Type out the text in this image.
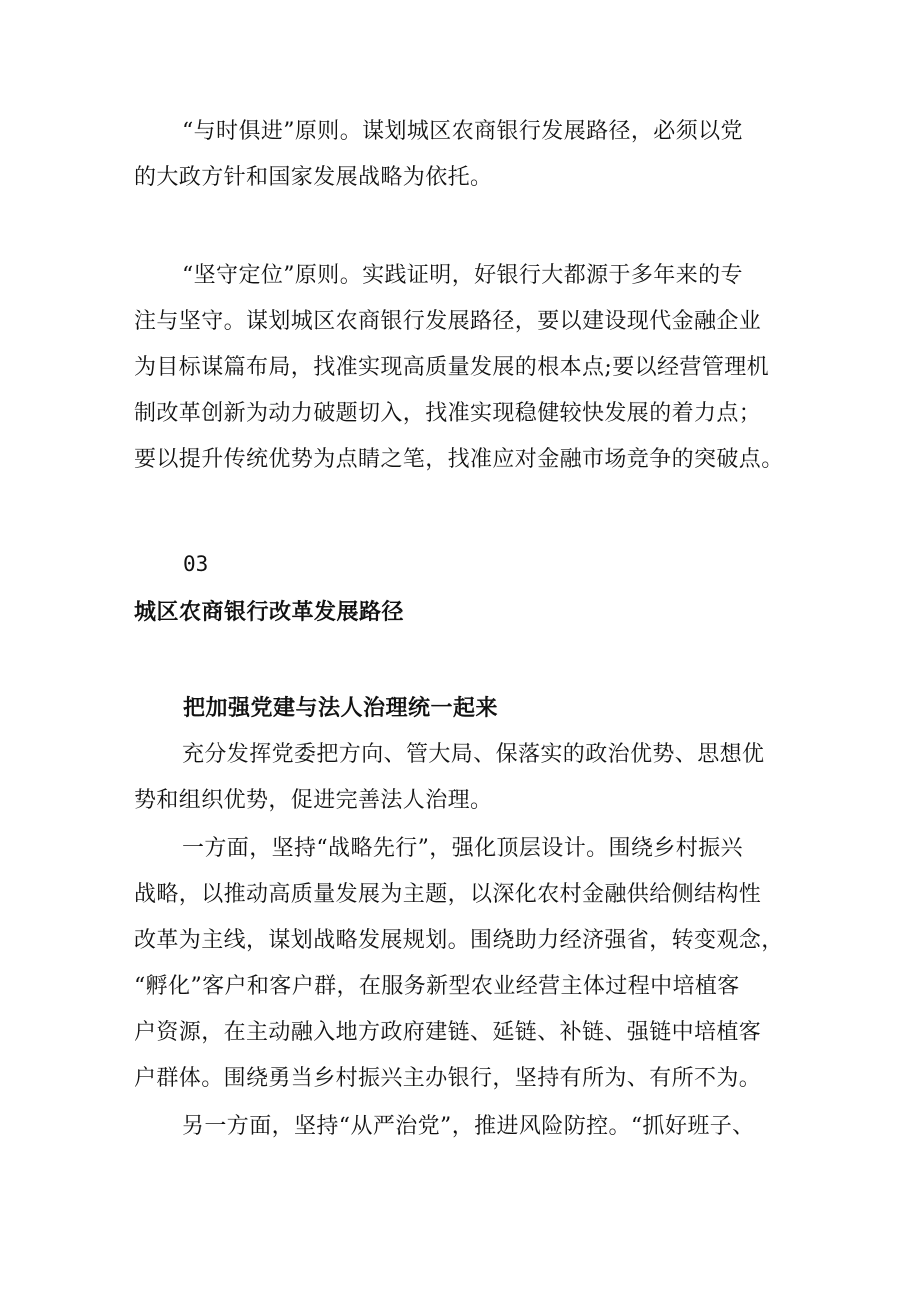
“与时俱进”原则。谋划城区农商银行发展路径，必须以党
的大政方针和国家发展战略为依托。

“坚守定位”原则。实践证明，好银行大都源于多年来的专
注与坚守。谋划城区农商银行发展路径，要以建设现代金融企业
为目标谋篇布局，找准实现高质量发展的根本点;要以经营管理机
制改革创新为动力破题切入，找准实现稳健较快发展的着力点；
要以提升传统优势为点睛之笔，找准应对金融市场竞争的突破点。

03
城区农商银行改革发展路径
把加强党建与法人治理统一起来

充分发挥党委把方向、管大局、保落实的政治优势、思想优
势和组织优势，促进完善法人治理。

一方面，坚持“战略先行”，强化顶层设计。围绕乡村振兴
战略，以推动高质量发展为主题，以深化农村金融供给侧结构性
改革为主线，谋划战略发展规划。围绕助力经济强省，转变观念，
“孵化”客户和客户群，在服务新型农业经营主体过程中培植客
户资源，在主动融入地方政府建链、延链、补链、强链中培植客
户群体。围绕勇当乡村振兴主办银行，坚持有所为、有所不为。

另一方面，坚持“从严治党”，推进风险防控。“抓好班子、
